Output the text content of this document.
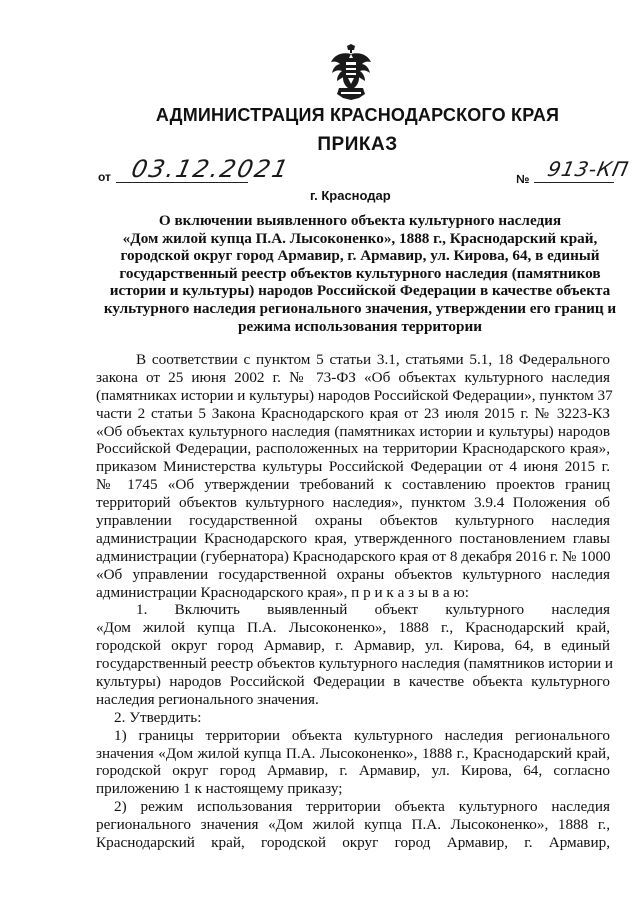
АДМИНИСТРАЦИЯ КРАСНОДАРСКОГО КРАЯ
ПРИКАЗ
от 03.12.2021	№ 913-КП
г. Краснодар
О включении выявленного объекта культурного наследия
«Дом жилой купца П.А. Лысоконенко», 1888 г., Краснодарский край,
городской округ город Армавир, г. Армавир, ул. Кирова, 64, в единый
государственный реестр объектов культурного наследия (памятников
истории и культуры) народов Российской Федерации в качестве объекта
культурного наследия регионального значения, утверждении его границ и
режима использования территории
В соответствии с пунктом 5 статьи 3.1, статьями 5.1, 18 Федерального
закона от 25 июня 2002 г. № 73-ФЗ «Об объектах культурного наследия
(памятниках истории и культуры) народов Российской Федерации», пунктом 37
части 2 статьи 5 Закона Краснодарского края от 23 июля 2015 г. № 3223-КЗ
«Об объектах культурного наследия (памятниках истории и культуры) народов
Российской Федерации, расположенных на территории Краснодарского края»,
приказом Министерства культуры Российской Федерации от 4 июня 2015 г.
№ 1745 «Об утверждении требований к составлению проектов границ
территорий объектов культурного наследия», пунктом 3.9.4 Положения об
управлении государственной охраны объектов культурного наследия
администрации Краснодарского края, утвержденного постановлением главы
администрации (губернатора) Краснодарского края от 8 декабря 2016 г. № 1000
«Об управлении государственной охраны объектов культурного наследия
администрации Краснодарского края», п р и к а з ы в а ю:
1. Включить выявленный объект культурного наследия
«Дом жилой купца П.А. Лысоконенко», 1888 г., Краснодарский край,
городской округ город Армавир, г. Армавир, ул. Кирова, 64, в единый
государственный реестр объектов культурного наследия (памятников истории и
культуры) народов Российской Федерации в качестве объекта культурного
наследия регионального значения.
2. Утвердить:
1) границы территории объекта культурного наследия регионального
значения «Дом жилой купца П.А. Лысоконенко», 1888 г., Краснодарский край,
городской округ город Армавир, г. Армавир, ул. Кирова, 64, согласно
приложению 1 к настоящему приказу;
2) режим использования территории объекта культурного наследия
регионального значения «Дом жилой купца П.А. Лысоконенко», 1888 г.,
Краснодарский край, городской округ город Армавир, г. Армавир,
